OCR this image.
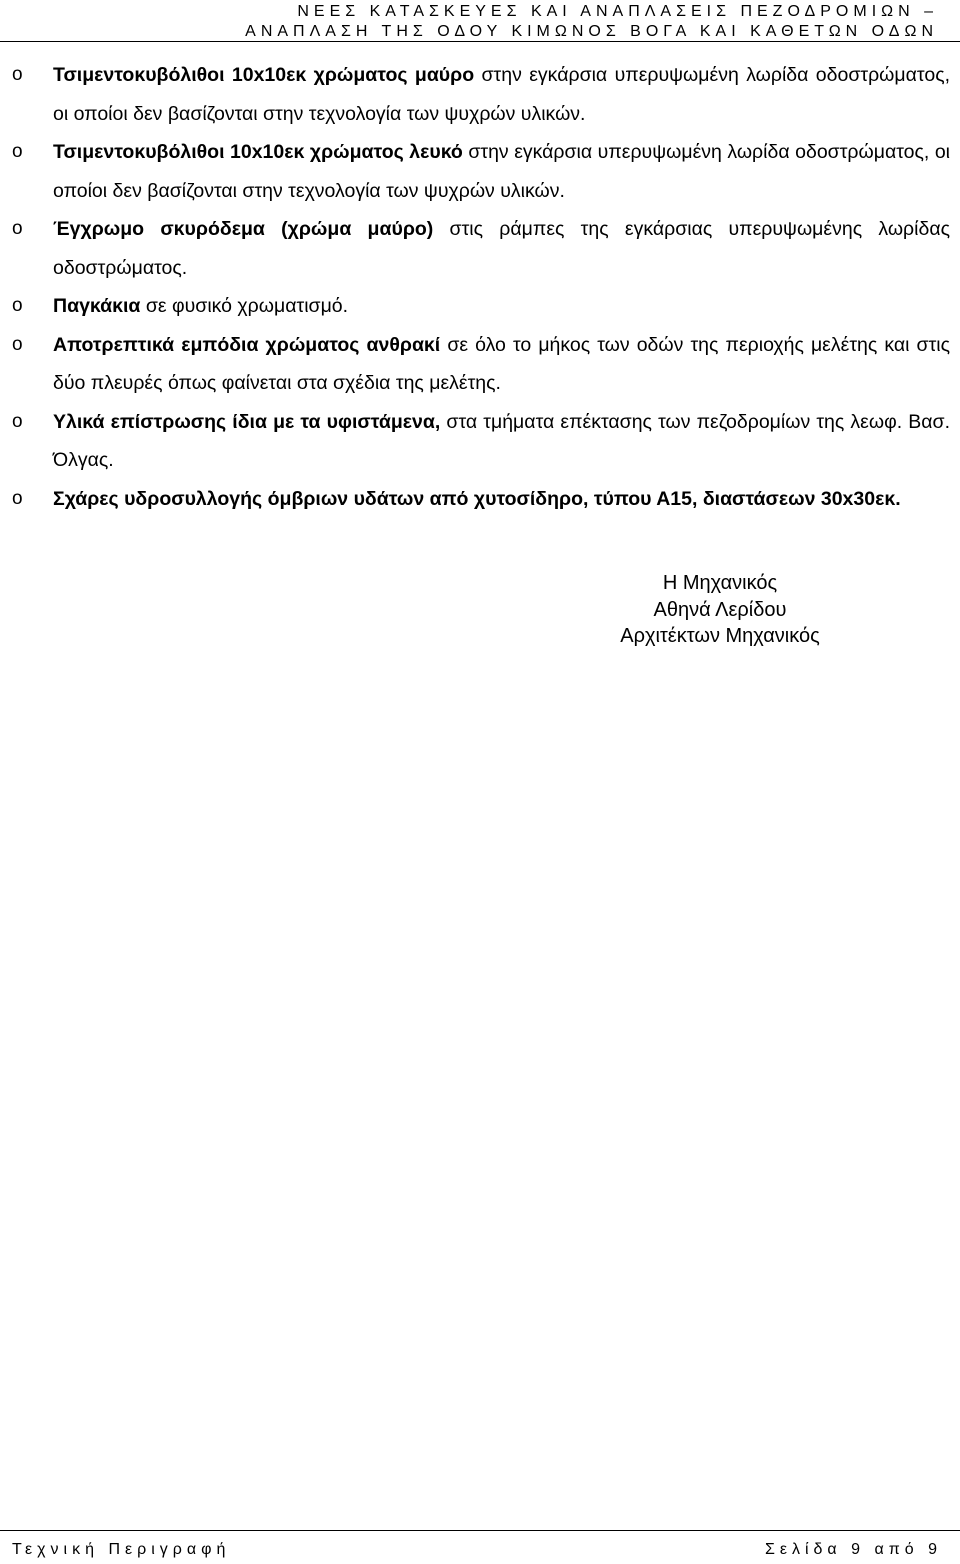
ΝΕΕΣ ΚΑΤΑΣΚΕΥΕΣ ΚΑΙ ΑΝΑΠΛΑΣΕΙΣ ΠΕΖΟΔΡΟΜΙΩΝ –
ΑΝΑΠΛΑΣΗ ΤΗΣ ΟΔΟΥ ΚΙΜΩΝΟΣ ΒΟΓΑ ΚΑΙ ΚΑΘΕΤΩΝ ΟΔΩΝ
o Τσιμεντοκυβόλιθοι 10x10εκ χρώματος μαύρο στην εγκάρσια υπερυψωμένη λωρίδα οδοστρώματος, οι οποίοι δεν βασίζονται στην τεχνολογία των ψυχρών υλικών.
o Τσιμεντοκυβόλιθοι 10x10εκ χρώματος λευκό στην εγκάρσια υπερυψωμένη λωρίδα οδοστρώματος, οι οποίοι δεν βασίζονται στην τεχνολογία των ψυχρών υλικών.
o Έγχρωμο σκυρόδεμα (χρώμα μαύρο) στις ράμπες της εγκάρσιας υπερυψωμένης λωρίδας οδοστρώματος.
o Παγκάκια σε φυσικό χρωματισμό.
o Αποτρεπτικά εμπόδια χρώματος ανθρακί σε όλο το μήκος των οδών της περιοχής μελέτης και στις δύο πλευρές όπως φαίνεται στα σχέδια της μελέτης.
o Υλικά επίστρωσης ίδια με τα υφιστάμενα, στα τμήματα επέκτασης των πεζοδρομίων της λεωφ. Βασ. Όλγας.
o Σχάρες υδροσυλλογής όμβριων υδάτων από χυτοσίδηρο, τύπου Α15, διαστάσεων 30x30εκ.
Η Μηχανικός
Αθηνά Λερίδου
Αρχιτέκτων Μηχανικός
Τεχνική Περιγραφή	Σελίδα 9 από 9
